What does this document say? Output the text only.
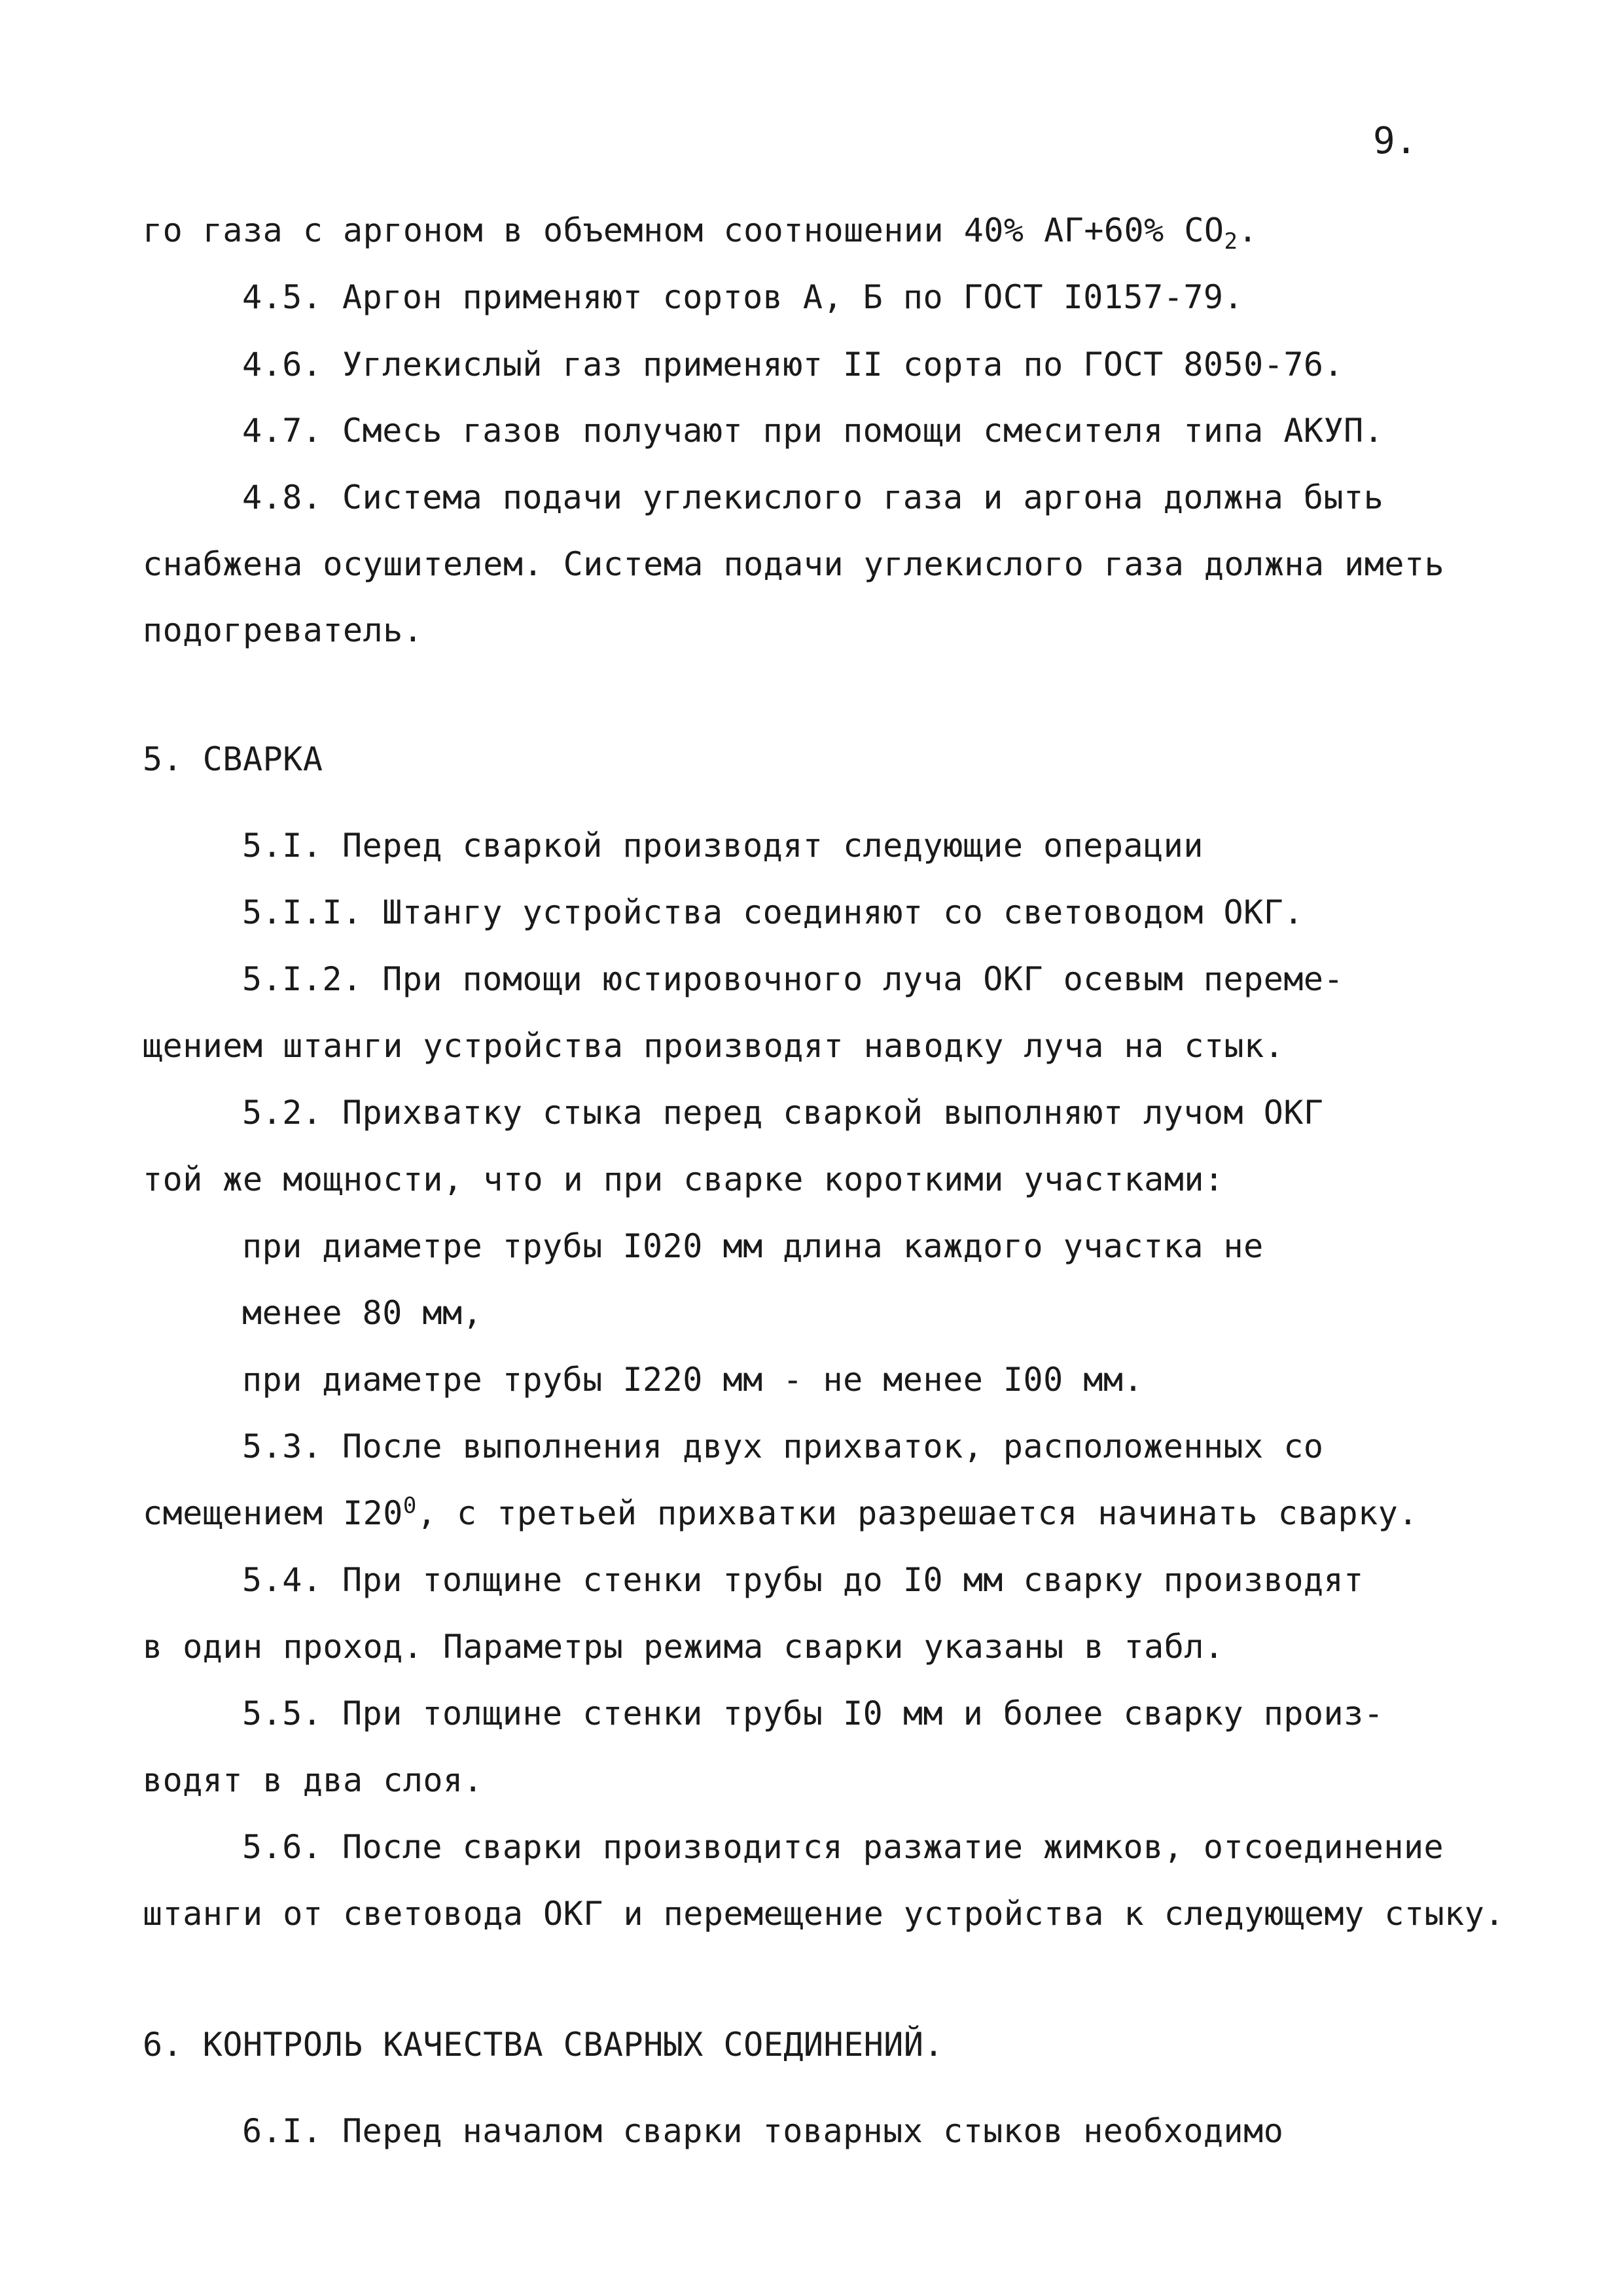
9.
го газа с аргоном в объемном соотношении 40% АГ+60% $СО_2$.
4.5. Аргон применяют сортов А, Б по ГОСТ I0157-79.
4.6. Углекислый газ применяют II сорта по ГОСТ 8050-76.
4.7. Смесь газов получают при помощи смесителя типа АКУП.
4.8. Система подачи углекислого газа и аргона должна быть
снабжена осушителем. Система подачи углекислого газа должна иметь
подогреватель.
5. СВАРКА
5.I. Перед сваркой производят следующие операции
5.I.I. Штангу устройства соединяют со световодом ОКГ.
5.I.2. При помощи юстировочного луча ОКГ осевым переме-
щением штанги устройства производят наводку луча на стык.
5.2. Прихватку стыка перед сваркой выполняют лучом ОКГ
той же мощности, что и при сварке короткими участками:
при диаметре трубы I020 мм длина каждого участка не
менее 80 мм,
при диаметре трубы I220 мм - не менее I00 мм.
5.3. После выполнения двух прихваток, расположенных со
смещением $I20^0$, с третьей прихватки разрешается начинать сварку.
5.4. При толщине стенки трубы до I0 мм сварку производят
в один проход. Параметры режима сварки указаны в табл.
5.5. При толщине стенки трубы I0 мм и более сварку произ-
водят в два слоя.
5.6. После сварки производится разжатие жимков, отсоединение
штанги от световода ОКГ и перемещение устройства к следующему стыку.
6. КОНТРОЛЬ КАЧЕСТВА СВАРНЫХ СОЕДИНЕНИЙ.
6.I. Перед началом сварки товарных стыков необходимо
